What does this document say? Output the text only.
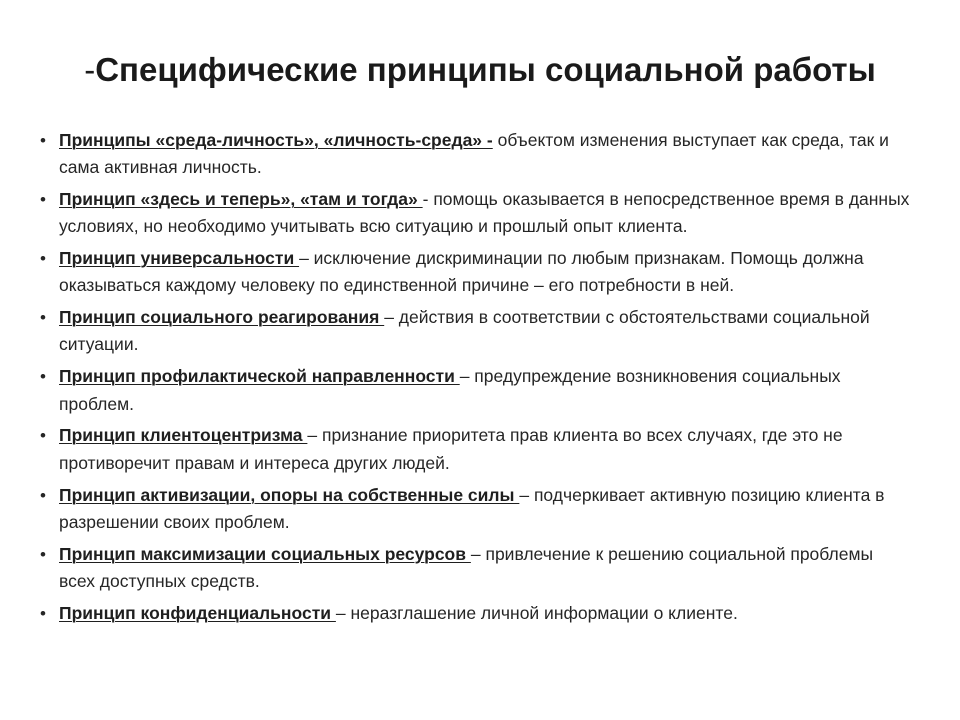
-Специфические принципы социальной работы
• Принципы «среда-личность», «личность-среда» - объектом изменения выступает как среда, так и сама активная личность.
• Принцип «здесь и теперь», «там и тогда» - помощь оказывается в непосредственное время в данных условиях, но необходимо учитывать всю ситуацию и прошлый опыт клиента.
• Принцип универсальности – исключение дискриминации по любым признакам. Помощь должна оказываться каждому человеку по единственной причине – его потребности в ней.
• Принцип социального реагирования – действия в соответствии с обстоятельствами социальной ситуации.
• Принцип профилактической направленности – предупреждение возникновения социальных проблем.
• Принцип клиентоцентризма – признание приоритета прав клиента во всех случаях, где это не противоречит правам и интереса других людей.
• Принцип активизации, опоры на собственные силы – подчеркивает активную позицию клиента в разрешении своих проблем.
• Принцип максимизации социальных ресурсов – привлечение к решению социальной проблемы всех доступных средств.
• Принцип конфиденциальности – неразглашение личной информации о клиенте.
